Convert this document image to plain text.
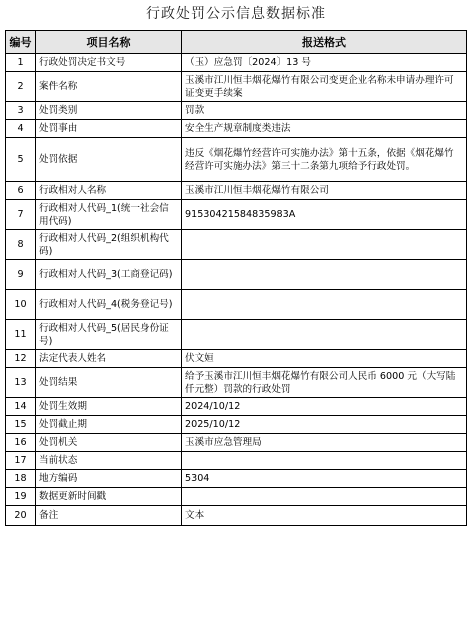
行政处罚公示信息数据标准
编号	项目名称	报送格式
1	行政处罚决定书文号	（玉）应急罚〔2024〕13 号
2	案件名称	玉溪市江川恒丰烟花爆竹有限公司变更企业名称未申请办理许可证变更手续案
3	处罚类别	罚款
4	处罚事由	安全生产规章制度类违法
5	处罚依据	违反《烟花爆竹经营许可实施办法》第十五条，依据《烟花爆竹经营许可实施办法》第三十二条第九项给予行政处罚。
6	行政相对人名称	玉溪市江川恒丰烟花爆竹有限公司
7	行政相对人代码_1(统一社会信用代码)	91530421584835983A
8	行政相对人代码_2(组织机构代码)	
9	行政相对人代码_3(工商登记码)	
10	行政相对人代码_4(税务登记号)	
11	行政相对人代码_5(居民身份证号)	
12	法定代表人姓名	伏文姮
13	处罚结果	给予玉溪市江川恒丰烟花爆竹有限公司人民币 6000 元（大写陆仟元整）罚款的行政处罚
14	处罚生效期	2024/10/12
15	处罚截止期	2025/10/12
16	处罚机关	玉溪市应急管理局
17	当前状态	
18	地方编码	5304
19	数据更新时间戳	
20	备注	文本
